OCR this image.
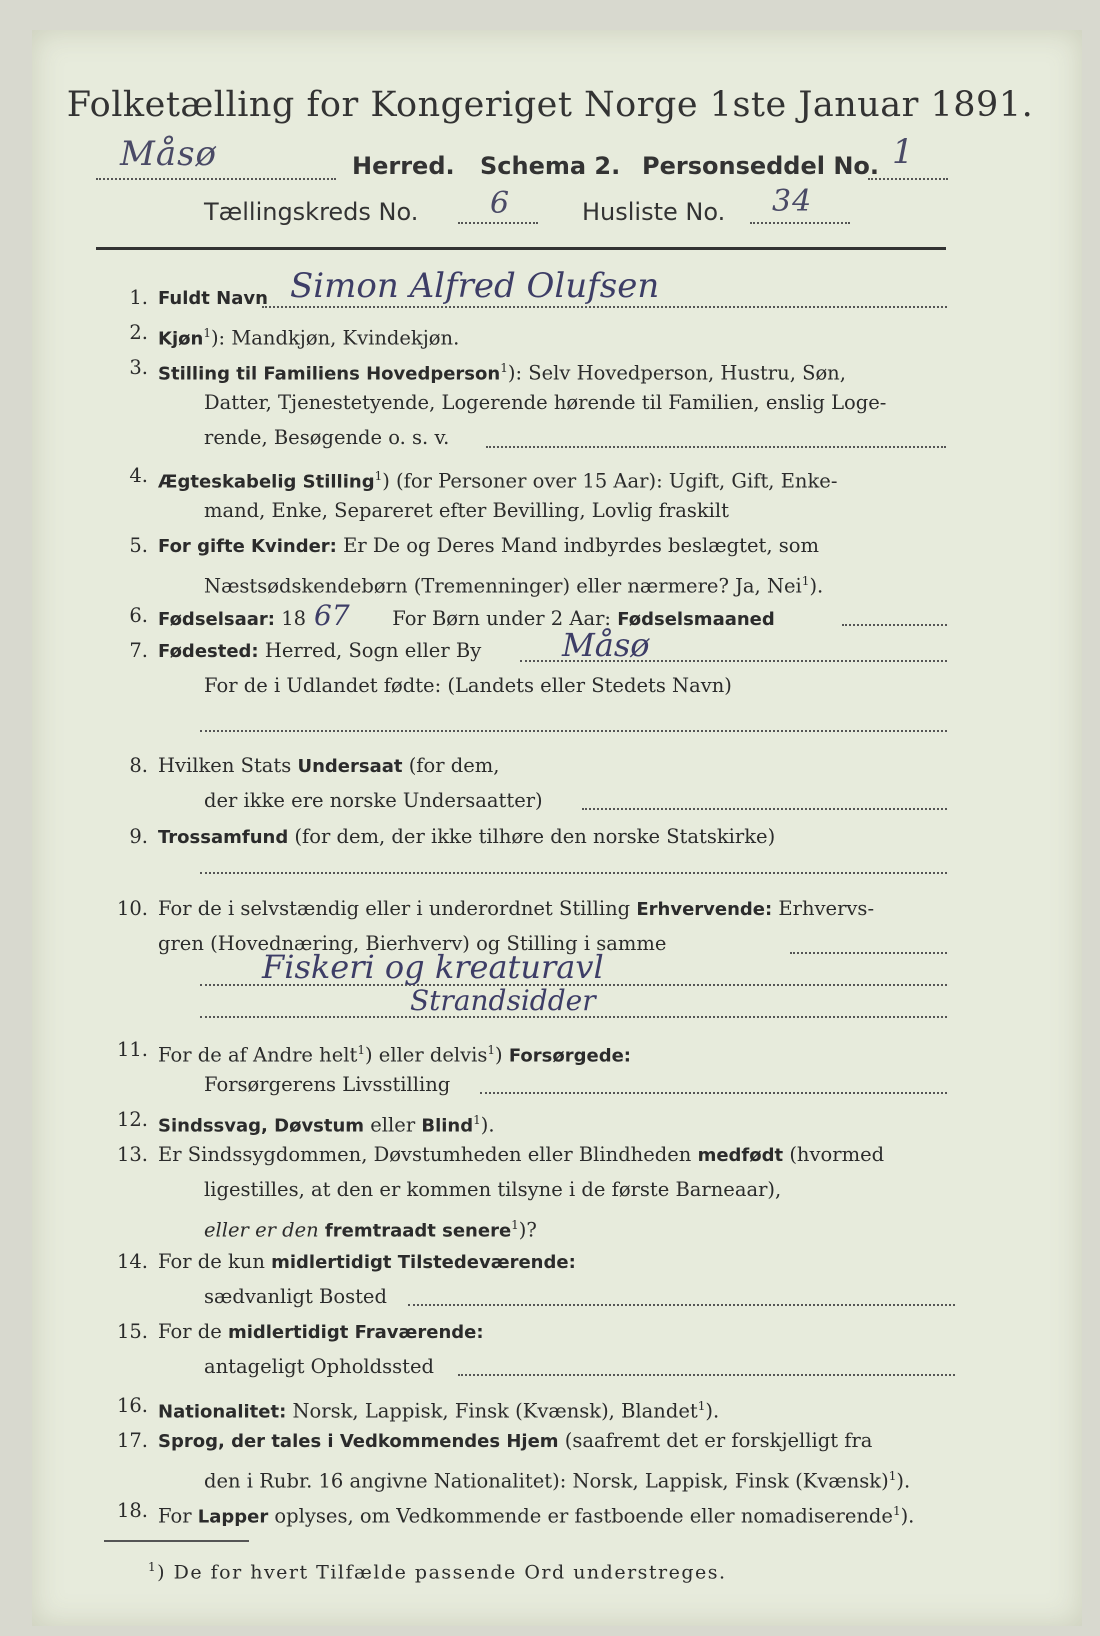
Folketælling for Kongeriget Norge 1ste Januar 1891.
Måsø	Herred. Schema 2. Personseddel No. 1
Tællingskreds No. 6	Husliste No. 34
1. Fuldt Navn Simon Alfred Olufsen
2. Kjøn$^1$): Mandkjøn, Kvindekjøn.
3. Stilling til Familiens Hovedperson$^1$): Selv Hovedperson, Hustru, Søn,
Datter, Tjenestetyende, Logerende hørende til Familien, enslig Loge-
rende, Besøgende o. s. v.
4. Ægteskabelig Stilling$^1$) (for Personer over 15 Aar): Ugift, Gift, Enke-
mand, Enke, Separeret efter Bevilling, Lovlig fraskilt
5. For gifte Kvinder: Er De og Deres Mand indbyrdes beslægtet, som
Næstsødskendebørn (Tremenninger) eller nærmere? Ja, Nei$^1$).
6. Fødselsaar: 18 67 For Børn under 2 Aar: Fødselsmaaned
7. Fødested: Herred, Sogn eller By	Måsø
For de i Udlandet fødte: (Landets eller Stedets Navn)
8. Hvilken Stats Undersaat (for dem,
der ikke ere norske Undersaatter)
9. Trossamfund (for dem, der ikke tilhøre den norske Statskirke)
10. For de i selvstændig eller i underordnet Stilling Erhvervende: Erhvervs-
gren (Hovednæring, Bierhverv) og Stilling i samme
Fiskeri og kreaturavl
Strandsidder
11. For de af Andre helt$^1$) eller delvis$^1$) Forsørgede:
Forsørgerens Livsstilling
12. Sindssvag, Døvstum eller Blind$^1$).
13. Er Sindssygdommen, Døvstumheden eller Blindheden medfødt (hvormed
ligestilles, at den er kommen tilsyne i de første Barneaar),
eller er den fremtraadt senere$^1$)?
14. For de kun midlertidigt Tilstedeværende:
sædvanligt Bosted
15. For de midlertidigt Fraværende:
antageligt Opholdssted
16. Nationalitet: Norsk, Lappisk, Finsk (Kvænsk), Blandet$^1$).
17. Sprog, der tales i Vedkommendes Hjem (saafremt det er forskjelligt fra
den i Rubr. 16 angivne Nationalitet): Norsk, Lappisk, Finsk (Kvænsk)$^1$).
18. For Lapper oplyses, om Vedkommende er fastboende eller nomadiserende$^1$).
$^1$) De for hvert Tilfælde passende Ord understreges.
